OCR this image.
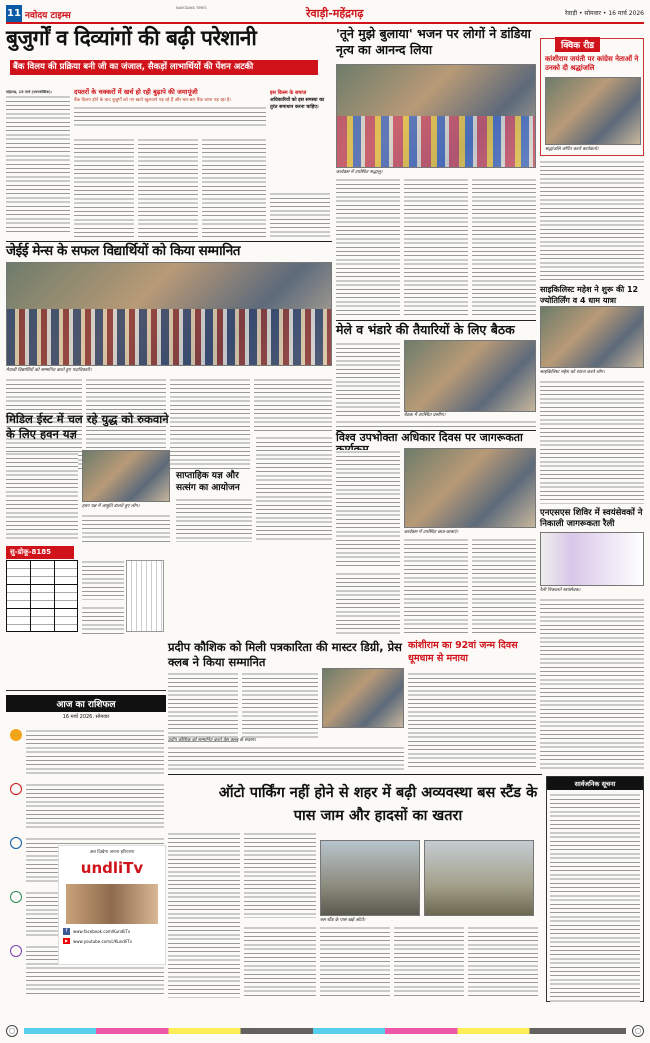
11 नवोदय टाइम्स
NAVODAYA TIMES	रेवाड़ी-महेंद्रगढ़	रेवाड़ी • सोमवार • 16 मार्च 2026
बुजुर्गों व दिव्यांगों की बढ़ी परेशानी
बैंक विलय की प्रक्रिया बनी जी का जंजाल, सैकड़ों लाभार्थियों की पेंशन अटकी
महेंद्रगढ़, 15 मार्च (पवनकौशिक):	दफ्तरों के चक्करों में खर्च हो रही बुढ़ापे की जमापूंजी
बैंक विलय होने के बाद बुजुर्गों को नए खाते खुलवाने पड़ रहे हैं और बार-बार बैंक जाना पड़ रहा है।
इस किस्म के समाज
अधिकारियों को इस समस्या का तुरंत समाधान करना चाहिए।
जेईई मेन्स के सफल विद्यार्थियों को किया सम्मानित
मेधावी विद्यार्थियों को सम्मानित करते हुए पदाधिकारी।
मिडिल ईस्ट में चल रहे युद्ध को रुकवाने के लिए हवन यज्ञ
हवन यज्ञ में आहुति डालते हुए लोग।
साप्ताहिक यज्ञ और सत्संग का आयोजन
सु-डोकू-8185
प्रदीप कौशिक को मिली पत्रकारिता की मास्टर डिग्री, प्रेस क्लब ने किया सम्मानित
प्रदीप कौशिक को सम्मानित करते प्रेस क्लब के सदस्य।
आज का राशिफल
16 मार्च 2026, सोमवार
अब दिखेगा अपना हरियाणा
undliTv
f	www.facebook.com/KundliTv
▶	www.youtube.com/c/KundliTv
'तूने मुझे बुलाया' भजन पर लोगों ने डांडिया नृत्य का आनन्द लिया
कार्यक्रम में उपस्थित श्रद्धालु।
मेले व भंडारे की तैयारियों के लिए बैठक
बैठक में उपस्थित ग्रामीण।
विश्व उपभोक्ता अधिकार दिवस पर जागरूकता
कार्यक्रम में उपस्थित छात्र-छात्राएं।
कांशीराम का 92वां जन्म दिवस धूमधाम से मनाया
क्विक रीड
कांशीराम जयंती पर कांग्रेस नेताओं ने उनको दी श्रद्धांजलि
श्रद्धांजलि अर्पित करते कार्यकर्ता।
साइकिलिस्ट महेश ने शुरू की 12 ज्योतिर्लिंग व 4 धाम यात्रा
साइकिलिस्ट महेश को रवाना करते लोग।
एनएसएस शिविर में स्वयंसेवकों ने निकाली जागरूकता रैली
रैली निकालते स्वयंसेवक।
ऑटो पार्किंग नहीं होने से शहर में बढ़ी अव्यवस्था बस स्टैंड के पास जाम और हादसों का खतरा
बस स्टैंड के पास खड़े ऑटो।
सार्वजनिक सूचना
